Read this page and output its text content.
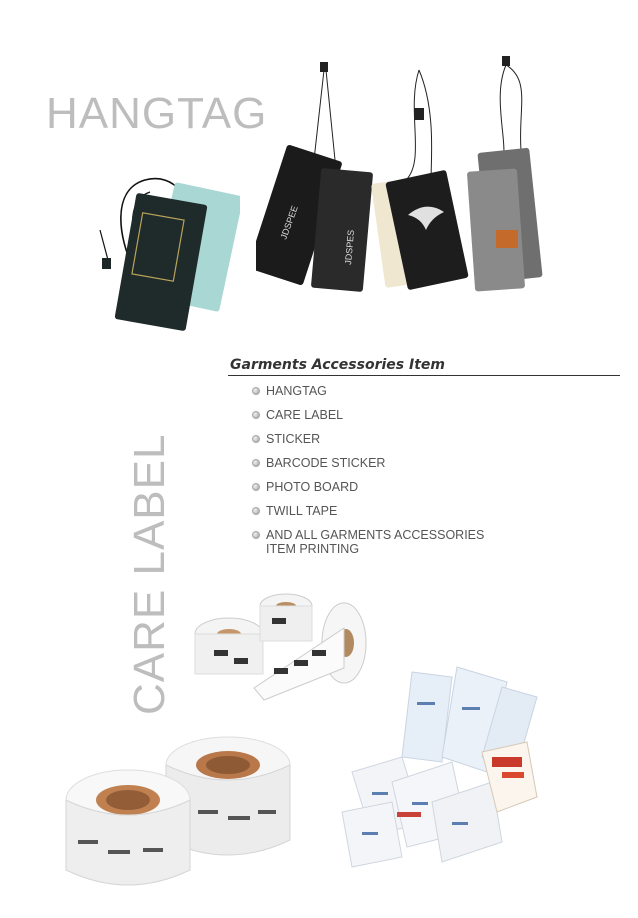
HANGTAG
JDSPEE
JDSPES
Garments Accessories Item
HANGTAG
CARE LABEL
STICKER
BARCODE STICKER
PHOTO BOARD
TWILL TAPE
AND ALL GARMENTS ACCESSORIES ITEM PRINTING
CARE LABEL
